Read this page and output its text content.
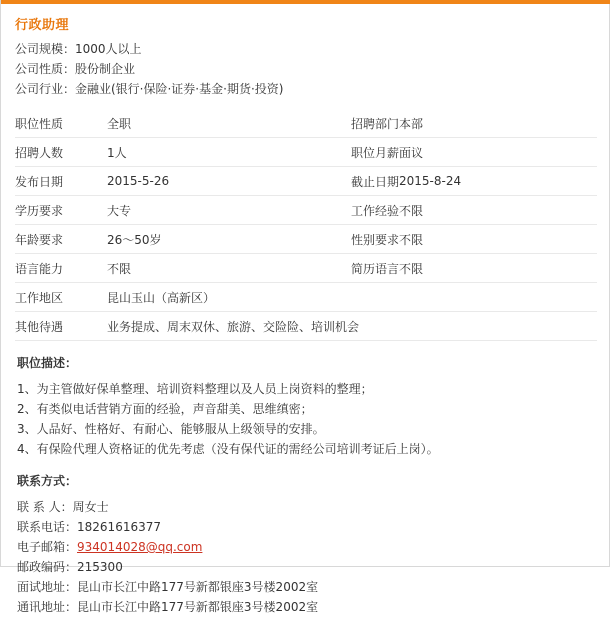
行政助理
公司规模：1000人以上
公司性质：股份制企业
公司行业：金融业(银行·保险·证券·基金·期货·投资)
职位性质	全职	招聘部门	本部
招聘人数	1人	职位月薪	面议
发布日期	2015-5-26	截止日期	2015-8-24
学历要求	大专	工作经验	不限
年龄要求	26～50岁	性别要求	不限
语言能力	不限	简历语言	不限
工作地区	昆山玉山（高新区）		
其他待遇	业务提成、周末双休、旅游、交险险、培训机会		
职位描述：
1、为主管做好保单整理、培训资料整理以及人员上岗资料的整理；
2、有类似电话营销方面的经验，声音甜美、思维缜密；
3、人品好、性格好、有耐心、能够服从上级领导的安排。
4、有保险代理人资格证的优先考虑（没有保代证的需经公司培训考证后上岗）。
联系方式：
联 系 人：周女士
联系电话：18261616377
电子邮箱：934014028@qq.com
邮政编码：215300
面试地址：昆山市长江中路177号新都银座3号楼2002室
通讯地址：昆山市长江中路177号新都银座3号楼2002室
